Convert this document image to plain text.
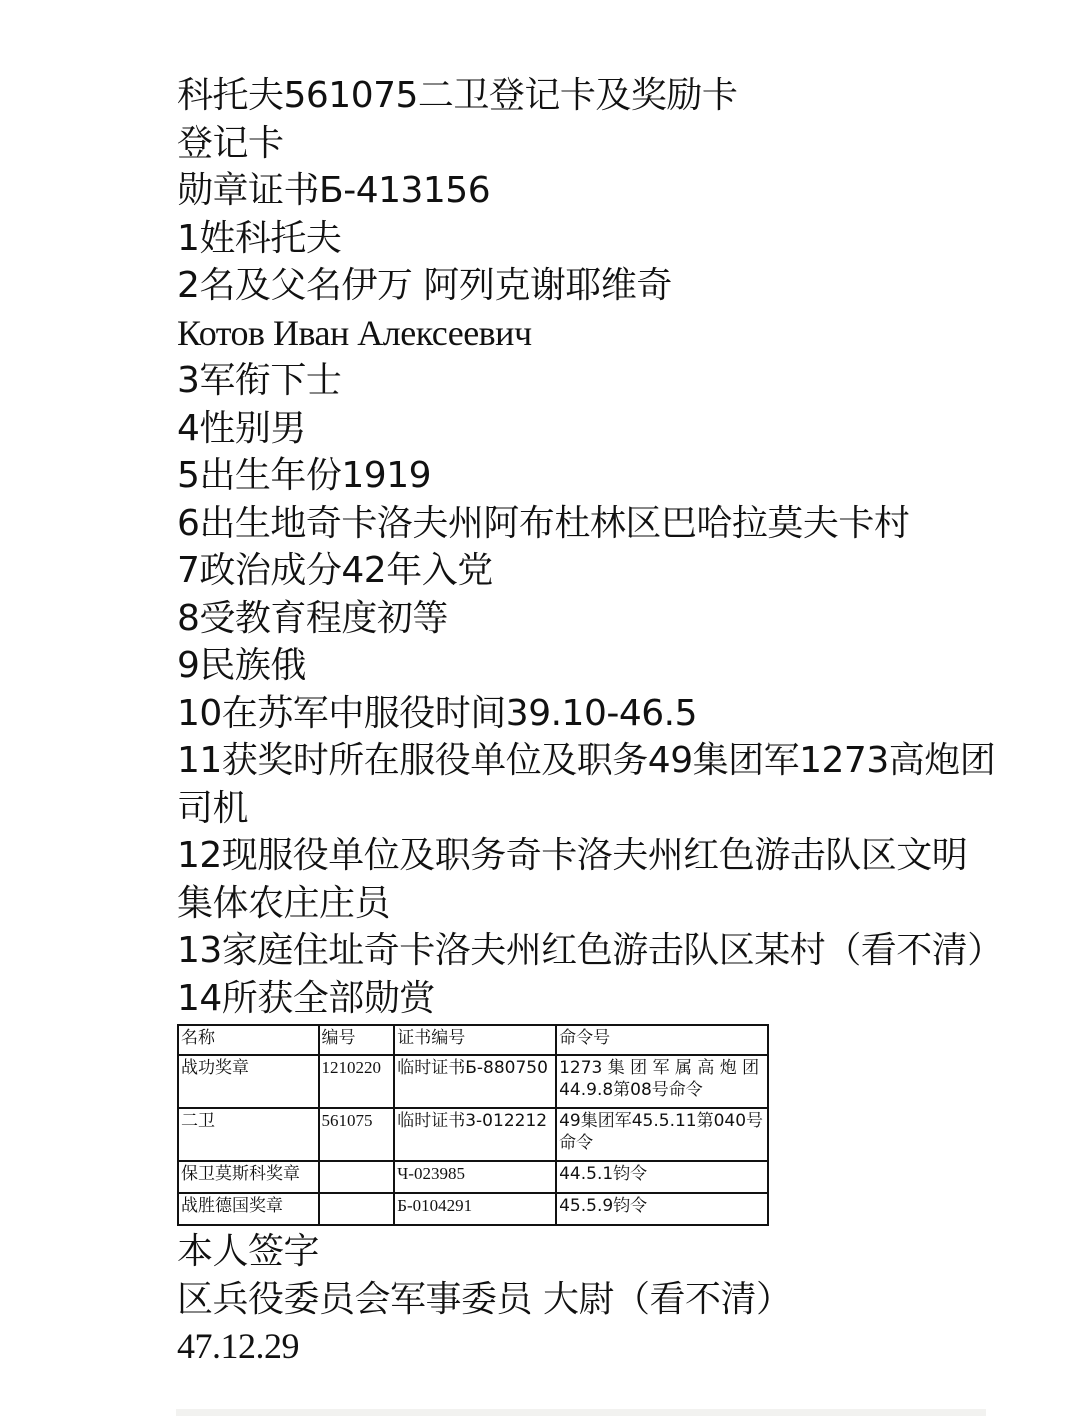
科托夫561075二卫登记卡及奖励卡

登记卡

勋章证书Б-413156

1姓科托夫

2名及父名伊万 阿列克谢耶维奇

Котов Иван Алексеевич

3军衔下士

4性别男

5出生年份1919

6出生地奇卡洛夫州阿布杜林区巴哈拉莫夫卡村

7政治成分42年入党

8受教育程度初等

9民族俄

10在苏军中服役时间39.10-46.5

11获奖时所在服役单位及职务49集团军1273高炮团司机

12现服役单位及职务奇卡洛夫州红色游击队区文明集体农庄庄员

13家庭住址奇卡洛夫州红色游击队区某村（看不清）

14所获全部勋赏

名称	编号	证书编号	命令号
战功奖章	1210220	临时证书Б-880750	1273 集 团 军 属 高 炮 团 44.9.8第08号命令
二卫	561075	临时证书3-012212	49集团军45.5.11第040号命令
保卫莫斯科奖章		Ч-023985	44.5.1钧令
战胜德国奖章		Б-0104291	45.5.9钧令

本人签字

区兵役委员会军事委员 大尉（看不清）

47.12.29
